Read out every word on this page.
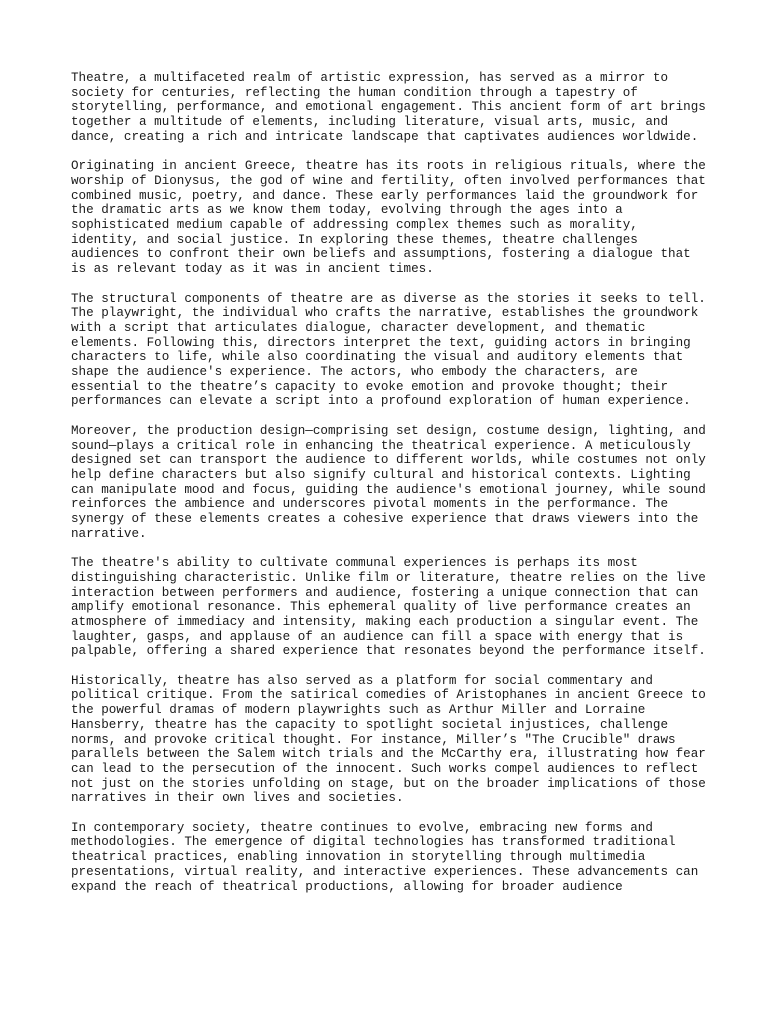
Theatre, a multifaceted realm of artistic expression, has served as a mirror to society for centuries, reflecting the human condition through a tapestry of storytelling, performance, and emotional engagement. This ancient form of art brings together a multitude of elements, including literature, visual arts, music, and dance, creating a rich and intricate landscape that captivates audiences worldwide.

Originating in ancient Greece, theatre has its roots in religious rituals, where the worship of Dionysus, the god of wine and fertility, often involved performances that combined music, poetry, and dance. These early performances laid the groundwork for the dramatic arts as we know them today, evolving through the ages into a sophisticated medium capable of addressing complex themes such as morality, identity, and social justice. In exploring these themes, theatre challenges audiences to confront their own beliefs and assumptions, fostering a dialogue that is as relevant today as it was in ancient times.

The structural components of theatre are as diverse as the stories it seeks to tell. The playwright, the individual who crafts the narrative, establishes the groundwork with a script that articulates dialogue, character development, and thematic elements. Following this, directors interpret the text, guiding actors in bringing characters to life, while also coordinating the visual and auditory elements that shape the audience's experience. The actors, who embody the characters, are essential to the theatre’s capacity to evoke emotion and provoke thought; their performances can elevate a script into a profound exploration of human experience.

Moreover, the production design—comprising set design, costume design, lighting, and sound—plays a critical role in enhancing the theatrical experience. A meticulously designed set can transport the audience to different worlds, while costumes not only help define characters but also signify cultural and historical contexts. Lighting can manipulate mood and focus, guiding the audience's emotional journey, while sound reinforces the ambience and underscores pivotal moments in the performance. The synergy of these elements creates a cohesive experience that draws viewers into the narrative.

The theatre's ability to cultivate communal experiences is perhaps its most distinguishing characteristic. Unlike film or literature, theatre relies on the live interaction between performers and audience, fostering a unique connection that can amplify emotional resonance. This ephemeral quality of live performance creates an atmosphere of immediacy and intensity, making each production a singular event. The laughter, gasps, and applause of an audience can fill a space with energy that is palpable, offering a shared experience that resonates beyond the performance itself.

Historically, theatre has also served as a platform for social commentary and political critique. From the satirical comedies of Aristophanes in ancient Greece to the powerful dramas of modern playwrights such as Arthur Miller and Lorraine Hansberry, theatre has the capacity to spotlight societal injustices, challenge norms, and provoke critical thought. For instance, Miller’s "The Crucible" draws parallels between the Salem witch trials and the McCarthy era, illustrating how fear can lead to the persecution of the innocent. Such works compel audiences to reflect not just on the stories unfolding on stage, but on the broader implications of those narratives in their own lives and societies.

In contemporary society, theatre continues to evolve, embracing new forms and methodologies. The emergence of digital technologies has transformed traditional theatrical practices, enabling innovation in storytelling through multimedia presentations, virtual reality, and interactive experiences. These advancements can expand the reach of theatrical productions, allowing for broader audience
